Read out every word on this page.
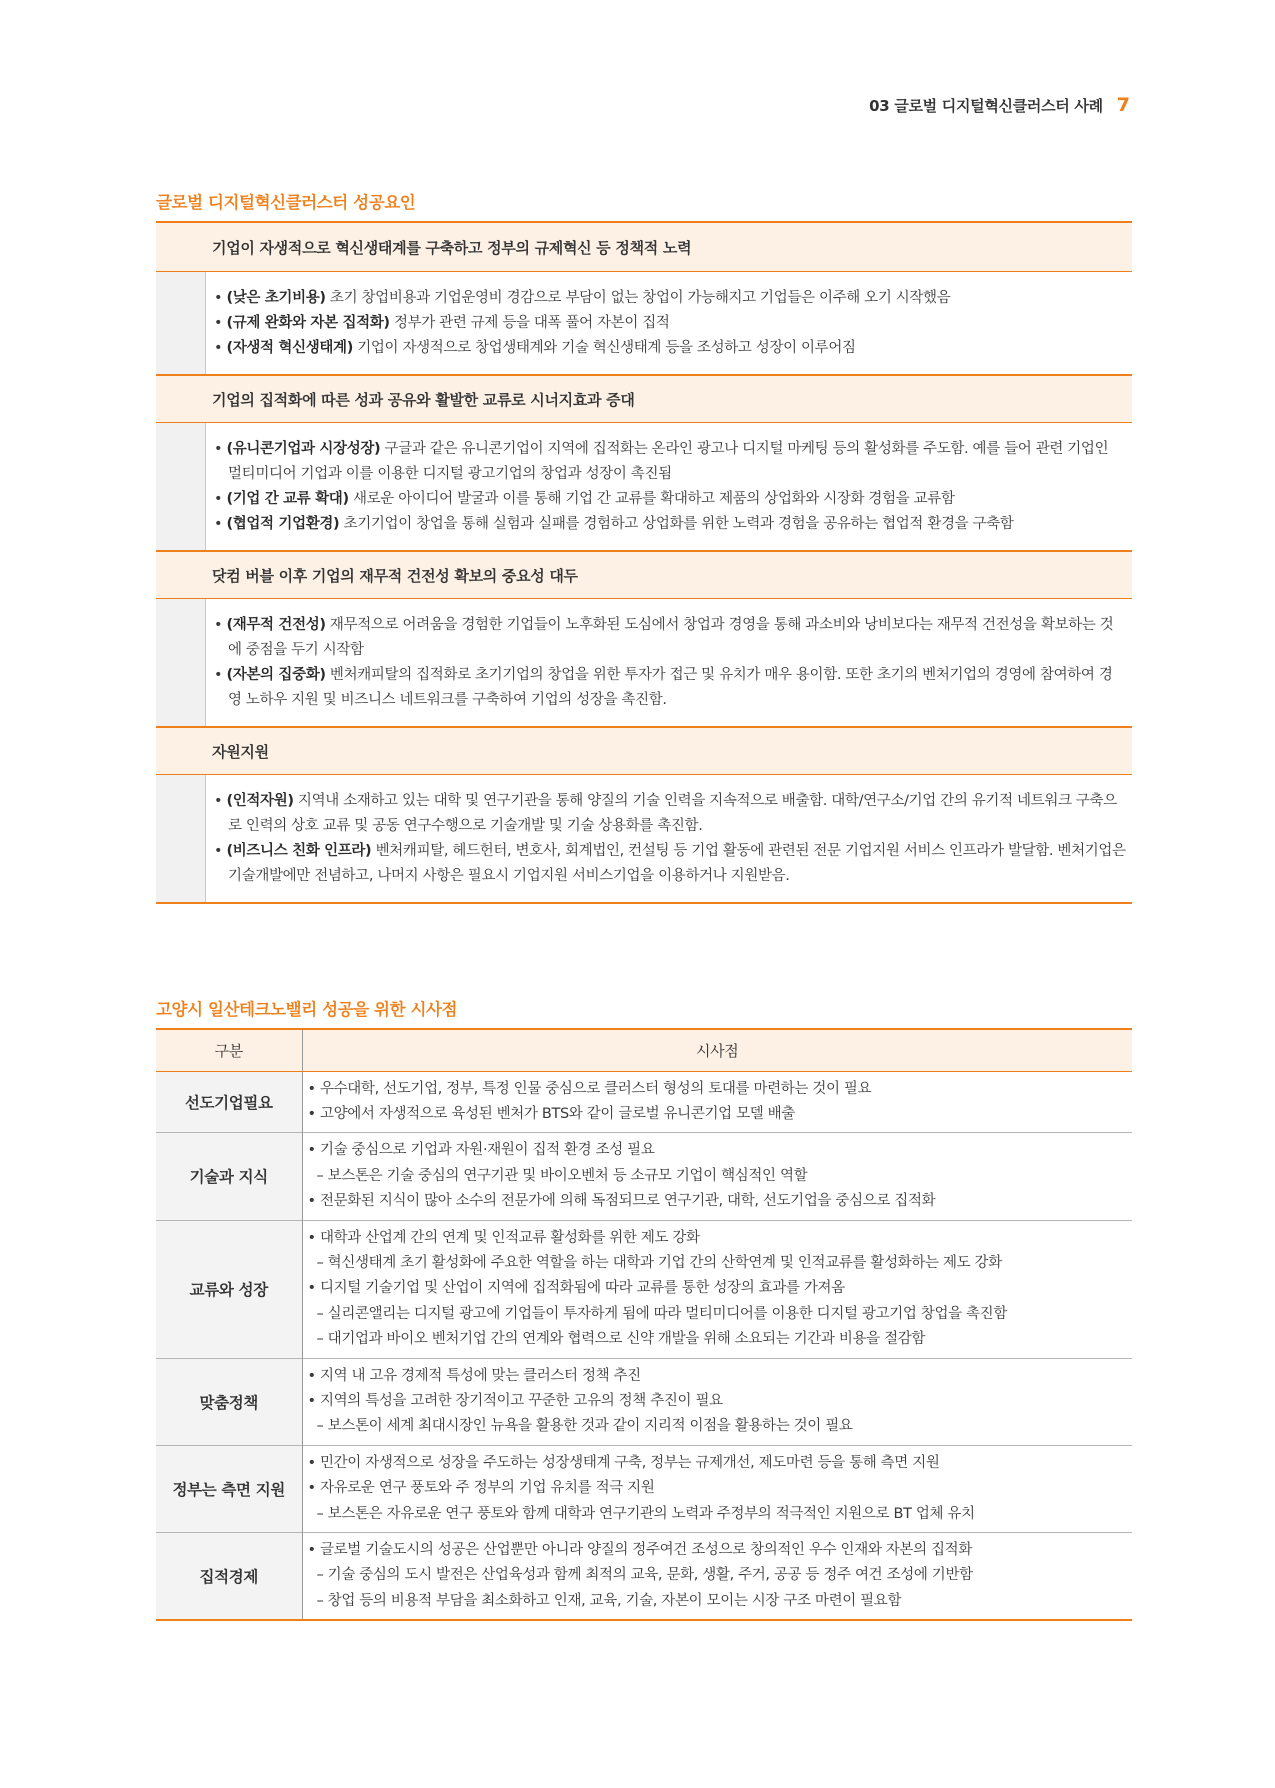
03 글로벌 디지털혁신클러스터 사례 7
글로벌 디지털혁신클러스터 성공요인
기업이 자생적으로 혁신생태계를 구축하고 정부의 규제혁신 등 정책적 노력
• (낮은 초기비용) 초기 창업비용과 기업운영비 경감으로 부담이 없는 창업이 가능해지고 기업들은 이주해 오기 시작했음
• (규제 완화와 자본 집적화) 정부가 관련 규제 등을 대폭 풀어 자본이 집적
• (자생적 혁신생태계) 기업이 자생적으로 창업생태계와 기술 혁신생태계 등을 조성하고 성장이 이루어짐
기업의 집적화에 따른 성과 공유와 활발한 교류로 시너지효과 증대
• (유니콘기업과 시장성장) 구글과 같은 유니콘기업이 지역에 집적화는 온라인 광고나 디지털 마케팅 등의 활성화를 주도함. 예를 들어 관련 기업인 멀티미디어 기업과 이를 이용한 디지털 광고기업의 창업과 성장이 촉진됨
• (기업 간 교류 확대) 새로운 아이디어 발굴과 이를 통해 기업 간 교류를 확대하고 제품의 상업화와 시장화 경험을 교류함
• (협업적 기업환경) 초기기업이 창업을 통해 실험과 실패를 경험하고 상업화를 위한 노력과 경험을 공유하는 협업적 환경을 구축함
닷컴 버블 이후 기업의 재무적 건전성 확보의 중요성 대두
• (재무적 건전성) 재무적으로 어려움을 경험한 기업들이 노후화된 도심에서 창업과 경영을 통해 과소비와 낭비보다는 재무적 건전성을 확보하는 것에 중점을 두기 시작함
• (자본의 집중화) 벤처캐피탈의 집적화로 초기기업의 창업을 위한 투자가 접근 및 유치가 매우 용이함. 또한 초기의 벤처기업의 경영에 참여하여 경영 노하우 지원 및 비즈니스 네트워크를 구축하여 기업의 성장을 촉진함.
자원지원
• (인적자원) 지역내 소재하고 있는 대학 및 연구기관을 통해 양질의 기술 인력을 지속적으로 배출함. 대학/연구소/기업 간의 유기적 네트워크 구축으로 인력의 상호 교류 및 공동 연구수행으로 기술개발 및 기술 상용화를 촉진함.
• (비즈니스 친화 인프라) 벤처캐피탈, 헤드헌터, 변호사, 회계법인, 컨설팅 등 기업 활동에 관련된 전문 기업지원 서비스 인프라가 발달함. 벤처기업은 기술개발에만 전념하고, 나머지 사항은 필요시 기업지원 서비스기업을 이용하거나 지원받음.
고양시 일산테크노밸리 성공을 위한 시사점
구분	시사점
선도기업필요	• 우수대학, 선도기업, 정부, 특정 인물 중심으로 클러스터 형성의 토대를 마련하는 것이 필요
• 고양에서 자생적으로 육성된 벤처가 BTS와 같이 글로벌 유니콘기업 모델 배출

기술과 지식	• 기술 중심으로 기업과 자원·재원이 집적 환경 조성 필요
– 보스톤은 기술 중심의 연구기관 및 바이오벤처 등 소규모 기업이 핵심적인 역할
• 전문화된 지식이 많아 소수의 전문가에 의해 독점되므로 연구기관, 대학, 선도기업을 중심으로 집적화

교류와 성장	• 대학과 산업계 간의 연계 및 인적교류 활성화를 위한 제도 강화
– 혁신생태계 초기 활성화에 주요한 역할을 하는 대학과 기업 간의 산학연계 및 인적교류를 활성화하는 제도 강화
• 디지털 기술기업 및 산업이 지역에 집적화됨에 따라 교류를 통한 성장의 효과를 가져옴
– 실리콘앨리는 디지털 광고에 기업들이 투자하게 됨에 따라 멀티미디어를 이용한 디지털 광고기업 창업을 촉진함
– 대기업과 바이오 벤처기업 간의 연계와 협력으로 신약 개발을 위해 소요되는 기간과 비용을 절감함

맞춤정책	• 지역 내 고유 경제적 특성에 맞는 클러스터 정책 추진
• 지역의 특성을 고려한 장기적이고 꾸준한 고유의 정책 추진이 필요
– 보스톤이 세계 최대시장인 뉴욕을 활용한 것과 같이 지리적 이점을 활용하는 것이 필요

정부는 측면 지원	• 민간이 자생적으로 성장을 주도하는 성장생태계 구축, 정부는 규제개선, 제도마련 등을 통해 측면 지원
• 자유로운 연구 풍토와 주 정부의 기업 유치를 적극 지원
– 보스톤은 자유로운 연구 풍토와 함께 대학과 연구기관의 노력과 주정부의 적극적인 지원으로 BT 업체 유치

집적경제	• 글로벌 기술도시의 성공은 산업뿐만 아니라 양질의 정주여건 조성으로 창의적인 우수 인재와 자본의 집적화
– 기술 중심의 도시 발전은 산업육성과 함께 최적의 교육, 문화, 생활, 주거, 공공 등 정주 여건 조성에 기반함
– 창업 등의 비용적 부담을 최소화하고 인재, 교육, 기술, 자본이 모이는 시장 구조 마련이 필요함
